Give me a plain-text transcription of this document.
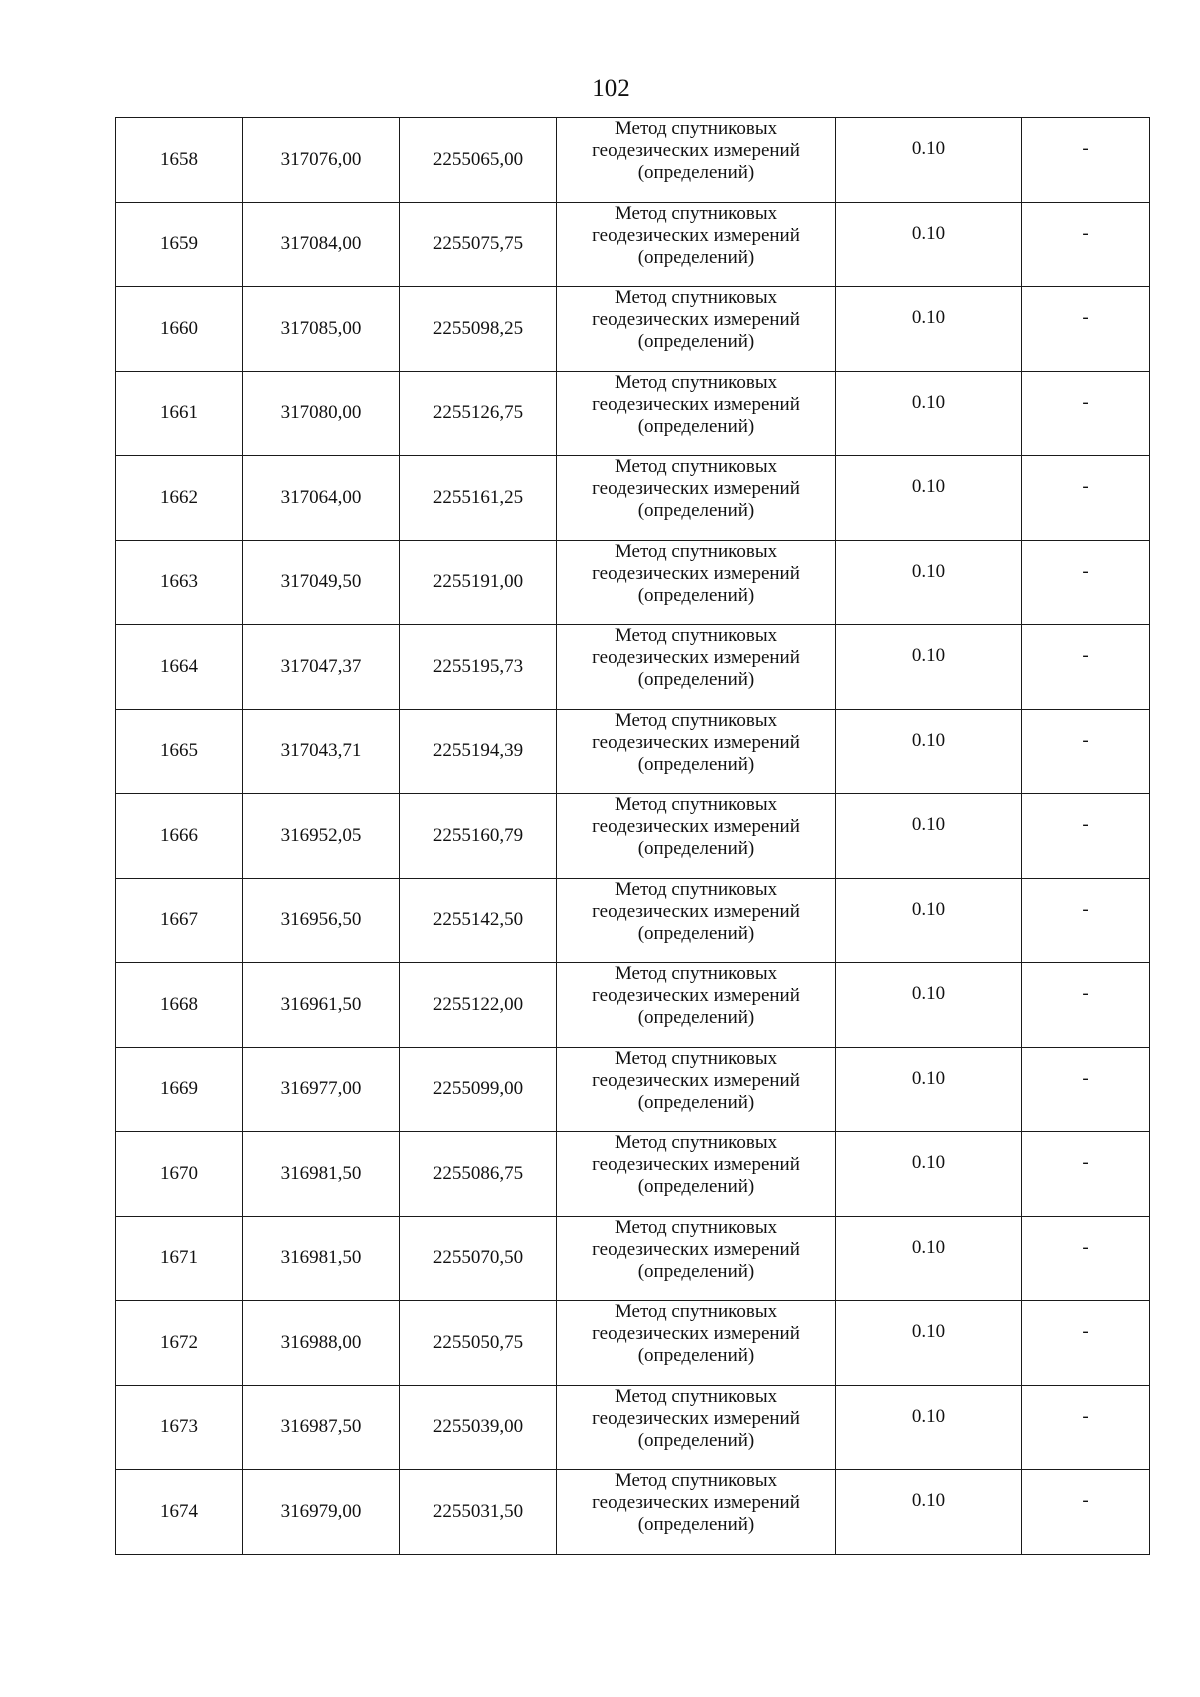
102
1658	317076,00	2255065,00	Метод спутниковых
геодезических измерений
(определений)	0.10	-
1659	317084,00	2255075,75	Метод спутниковых
геодезических измерений
(определений)	0.10	-
1660	317085,00	2255098,25	Метод спутниковых
геодезических измерений
(определений)	0.10	-
1661	317080,00	2255126,75	Метод спутниковых
геодезических измерений
(определений)	0.10	-
1662	317064,00	2255161,25	Метод спутниковых
геодезических измерений
(определений)	0.10	-
1663	317049,50	2255191,00	Метод спутниковых
геодезических измерений
(определений)	0.10	-
1664	317047,37	2255195,73	Метод спутниковых
геодезических измерений
(определений)	0.10	-
1665	317043,71	2255194,39	Метод спутниковых
геодезических измерений
(определений)	0.10	-
1666	316952,05	2255160,79	Метод спутниковых
геодезических измерений
(определений)	0.10	-
1667	316956,50	2255142,50	Метод спутниковых
геодезических измерений
(определений)	0.10	-
1668	316961,50	2255122,00	Метод спутниковых
геодезических измерений
(определений)	0.10	-
1669	316977,00	2255099,00	Метод спутниковых
геодезических измерений
(определений)	0.10	-
1670	316981,50	2255086,75	Метод спутниковых
геодезических измерений
(определений)	0.10	-
1671	316981,50	2255070,50	Метод спутниковых
геодезических измерений
(определений)	0.10	-
1672	316988,00	2255050,75	Метод спутниковых
геодезических измерений
(определений)	0.10	-
1673	316987,50	2255039,00	Метод спутниковых
геодезических измерений
(определений)	0.10	-
1674	316979,00	2255031,50	Метод спутниковых
геодезических измерений
(определений)	0.10	-
